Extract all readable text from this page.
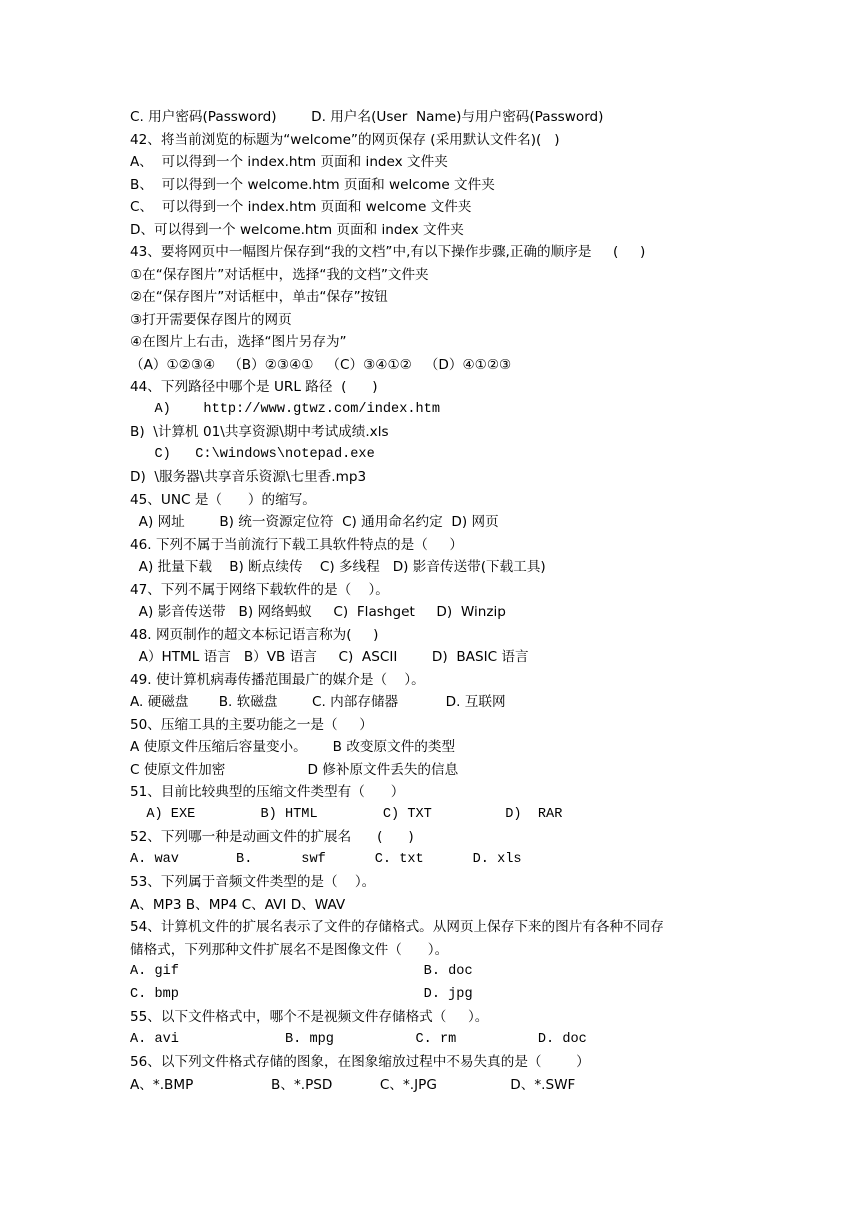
C. 用户密码(Password)        D. 用户名(User  Name)与用户密码(Password)
42、将当前浏览的标题为“welcome”的网页保存 (采用默认文件名)(   )
A、  可以得到一个 index.htm 页面和 index 文件夹
B、  可以得到一个 welcome.htm 页面和 welcome 文件夹
C、  可以得到一个 index.htm 页面和 welcome 文件夹
D、可以得到一个 welcome.htm 页面和 index 文件夹
43、要将网页中一幅图片保存到“我的文档”中,有以下操作步骤,正确的顺序是     (     )
①在“保存图片”对话框中，选择“我的文档”文件夹
②在“保存图片”对话框中，单击“保存”按钮
③打开需要保存图片的网页
④在图片上右击，选择“图片另存为”
（A）①②③④   （B）②③④①   （C）③④①②   （D）④①②③
44、下列路径中哪个是 URL 路径  (      )
A)    http://www.gtwz.com/index.htm
B)  \计算机 01\共享资源\期中考试成绩.xls
C)   C:\windows\notepad.exe
D)  \服务器\共享音乐资源\七里香.mp3
45、UNC 是（      ）的缩写。
A) 网址        B) 统一资源定位符  C) 通用命名约定  D) 网页
46. 下列不属于当前流行下载工具软件特点的是（     ）
A) 批量下载    B) 断点续传    C) 多线程   D) 影音传送带(下载工具)
47、下列不属于网络下载软件的是（    ）。
A) 影音传送带   B) 网络蚂蚁     C)  Flashget     D)  Winzip
48. 网页制作的超文本标记语言称为(     )
A）HTML 语言   B）VB 语言     C)  ASCII        D)  BASIC 语言
49. 使计算机病毒传播范围最广的媒介是（    ）。
A. 硬磁盘       B. 软磁盘        C. 内部存储器           D. 互联网
50、压缩工具的主要功能之一是（     ）
A 使原文件压缩后容量变小。      B 改变原文件的类型
C 使原文件加密                   D 修补原文件丢失的信息
51、目前比较典型的压缩文件类型有（      ）
A) EXE        B) HTML        C) TXT         D)  RAR
52、下列哪一种是动画文件的扩展名      (      )
A. wav       B.      swf      C. txt      D. xls
53、下列属于音频文件类型的是（    ）。
A、MP3 B、MP4 C、AVI D、WAV
54、计算机文件的扩展名表示了文件的存储格式。从网页上保存下来的图片有各种不同存
储格式，下列那种文件扩展名不是图像文件（      ）。
A. gif                              B. doc
C. bmp                              D. jpg
55、以下文件格式中，哪个不是视频文件存储格式（     ）。
A. avi             B. mpg          C. rm          D. doc
56、以下列文件格式存储的图象，在图象缩放过程中不易失真的是（        ）
A、*.BMP                  B、*.PSD           C、*.JPG                 D、*.SWF
